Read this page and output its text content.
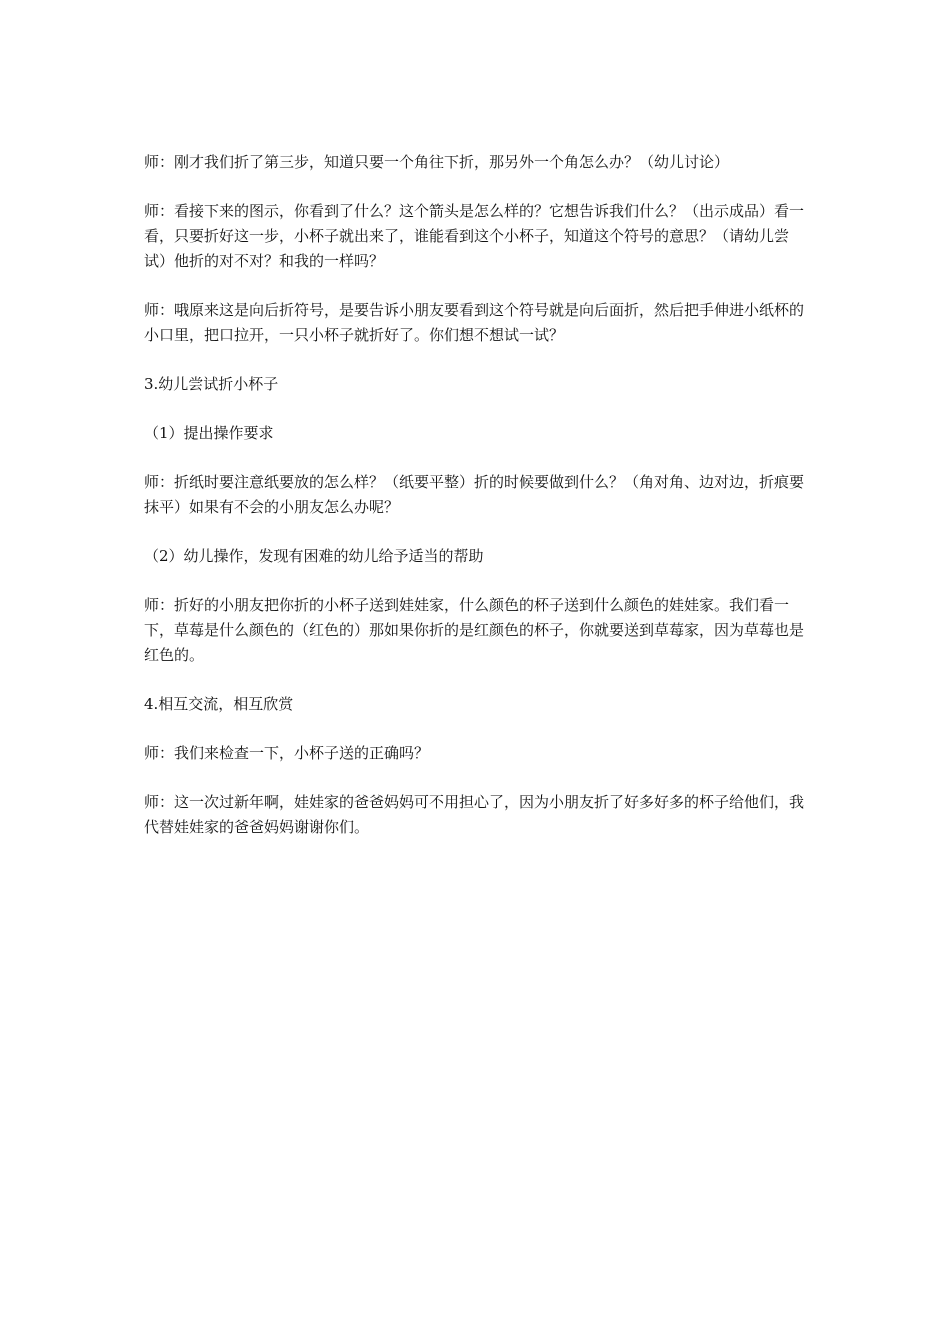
师：刚才我们折了第三步，知道只要一个角往下折，那另外一个角怎么办？（幼儿讨论）

师：看接下来的图示，你看到了什么？这个箭头是怎么样的？它想告诉我们什么？（出示成品）看一看，只要折好这一步，小杯子就出来了，谁能看到这个小杯子，知道这个符号的意思？（请幼儿尝试）他折的对不对？和我的一样吗？

师：哦原来这是向后折符号，是要告诉小朋友要看到这个符号就是向后面折，然后把手伸进小纸杯的小口里，把口拉开，一只小杯子就折好了。你们想不想试一试？

3.幼儿尝试折小杯子

（1）提出操作要求

师：折纸时要注意纸要放的怎么样？（纸要平整）折的时候要做到什么？（角对角、边对边，折痕要抹平）如果有不会的小朋友怎么办呢？

（2）幼儿操作，发现有困难的幼儿给予适当的帮助

师：折好的小朋友把你折的小杯子送到娃娃家，什么颜色的杯子送到什么颜色的娃娃家。我们看一下，草莓是什么颜色的（红色的）那如果你折的是红颜色的杯子，你就要送到草莓家，因为草莓也是红色的。

4.相互交流，相互欣赏

师：我们来检查一下，小杯子送的正确吗？

师：这一次过新年啊，娃娃家的爸爸妈妈可不用担心了，因为小朋友折了好多好多的杯子给他们，我代替娃娃家的爸爸妈妈谢谢你们。
